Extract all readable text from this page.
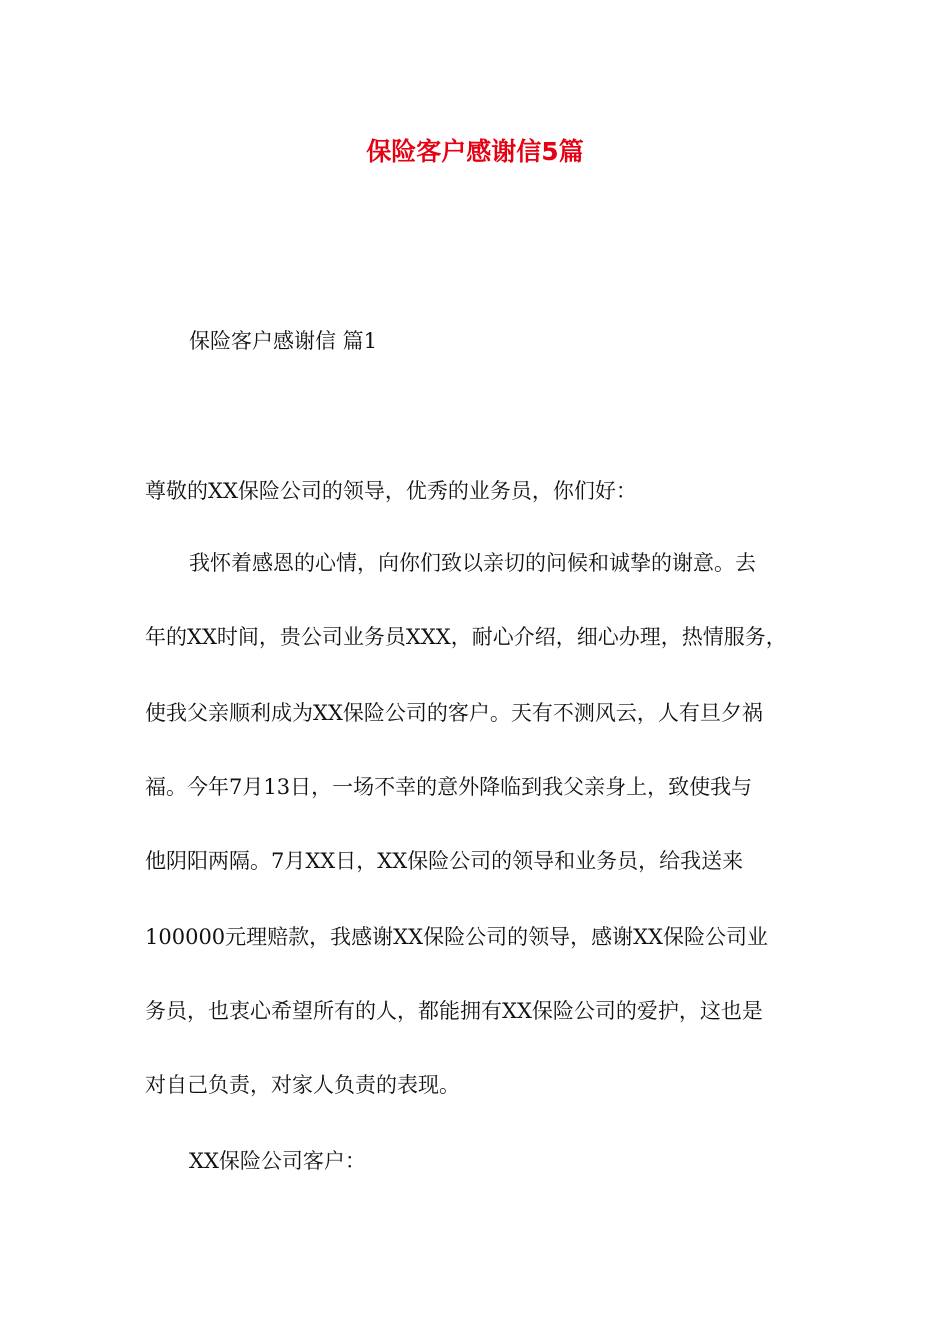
保险客户感谢信5篇
保险客户感谢信 篇1
尊敬的XX保险公司的领导，优秀的业务员，你们好：
我怀着感恩的心情，向你们致以亲切的问候和诚挚的谢意。去
年的XX时间，贵公司业务员XXX，耐心介绍，细心办理，热情服务，
使我父亲顺利成为XX保险公司的客户。天有不测风云，人有旦夕祸
福。今年7月13日，一场不幸的意外降临到我父亲身上，致使我与
他阴阳两隔。7月XX日，XX保险公司的领导和业务员，给我送来
100000元理赔款，我感谢XX保险公司的领导，感谢XX保险公司业
务员，也衷心希望所有的人，都能拥有XX保险公司的爱护，这也是
对自己负责，对家人负责的表现。
XX保险公司客户：
